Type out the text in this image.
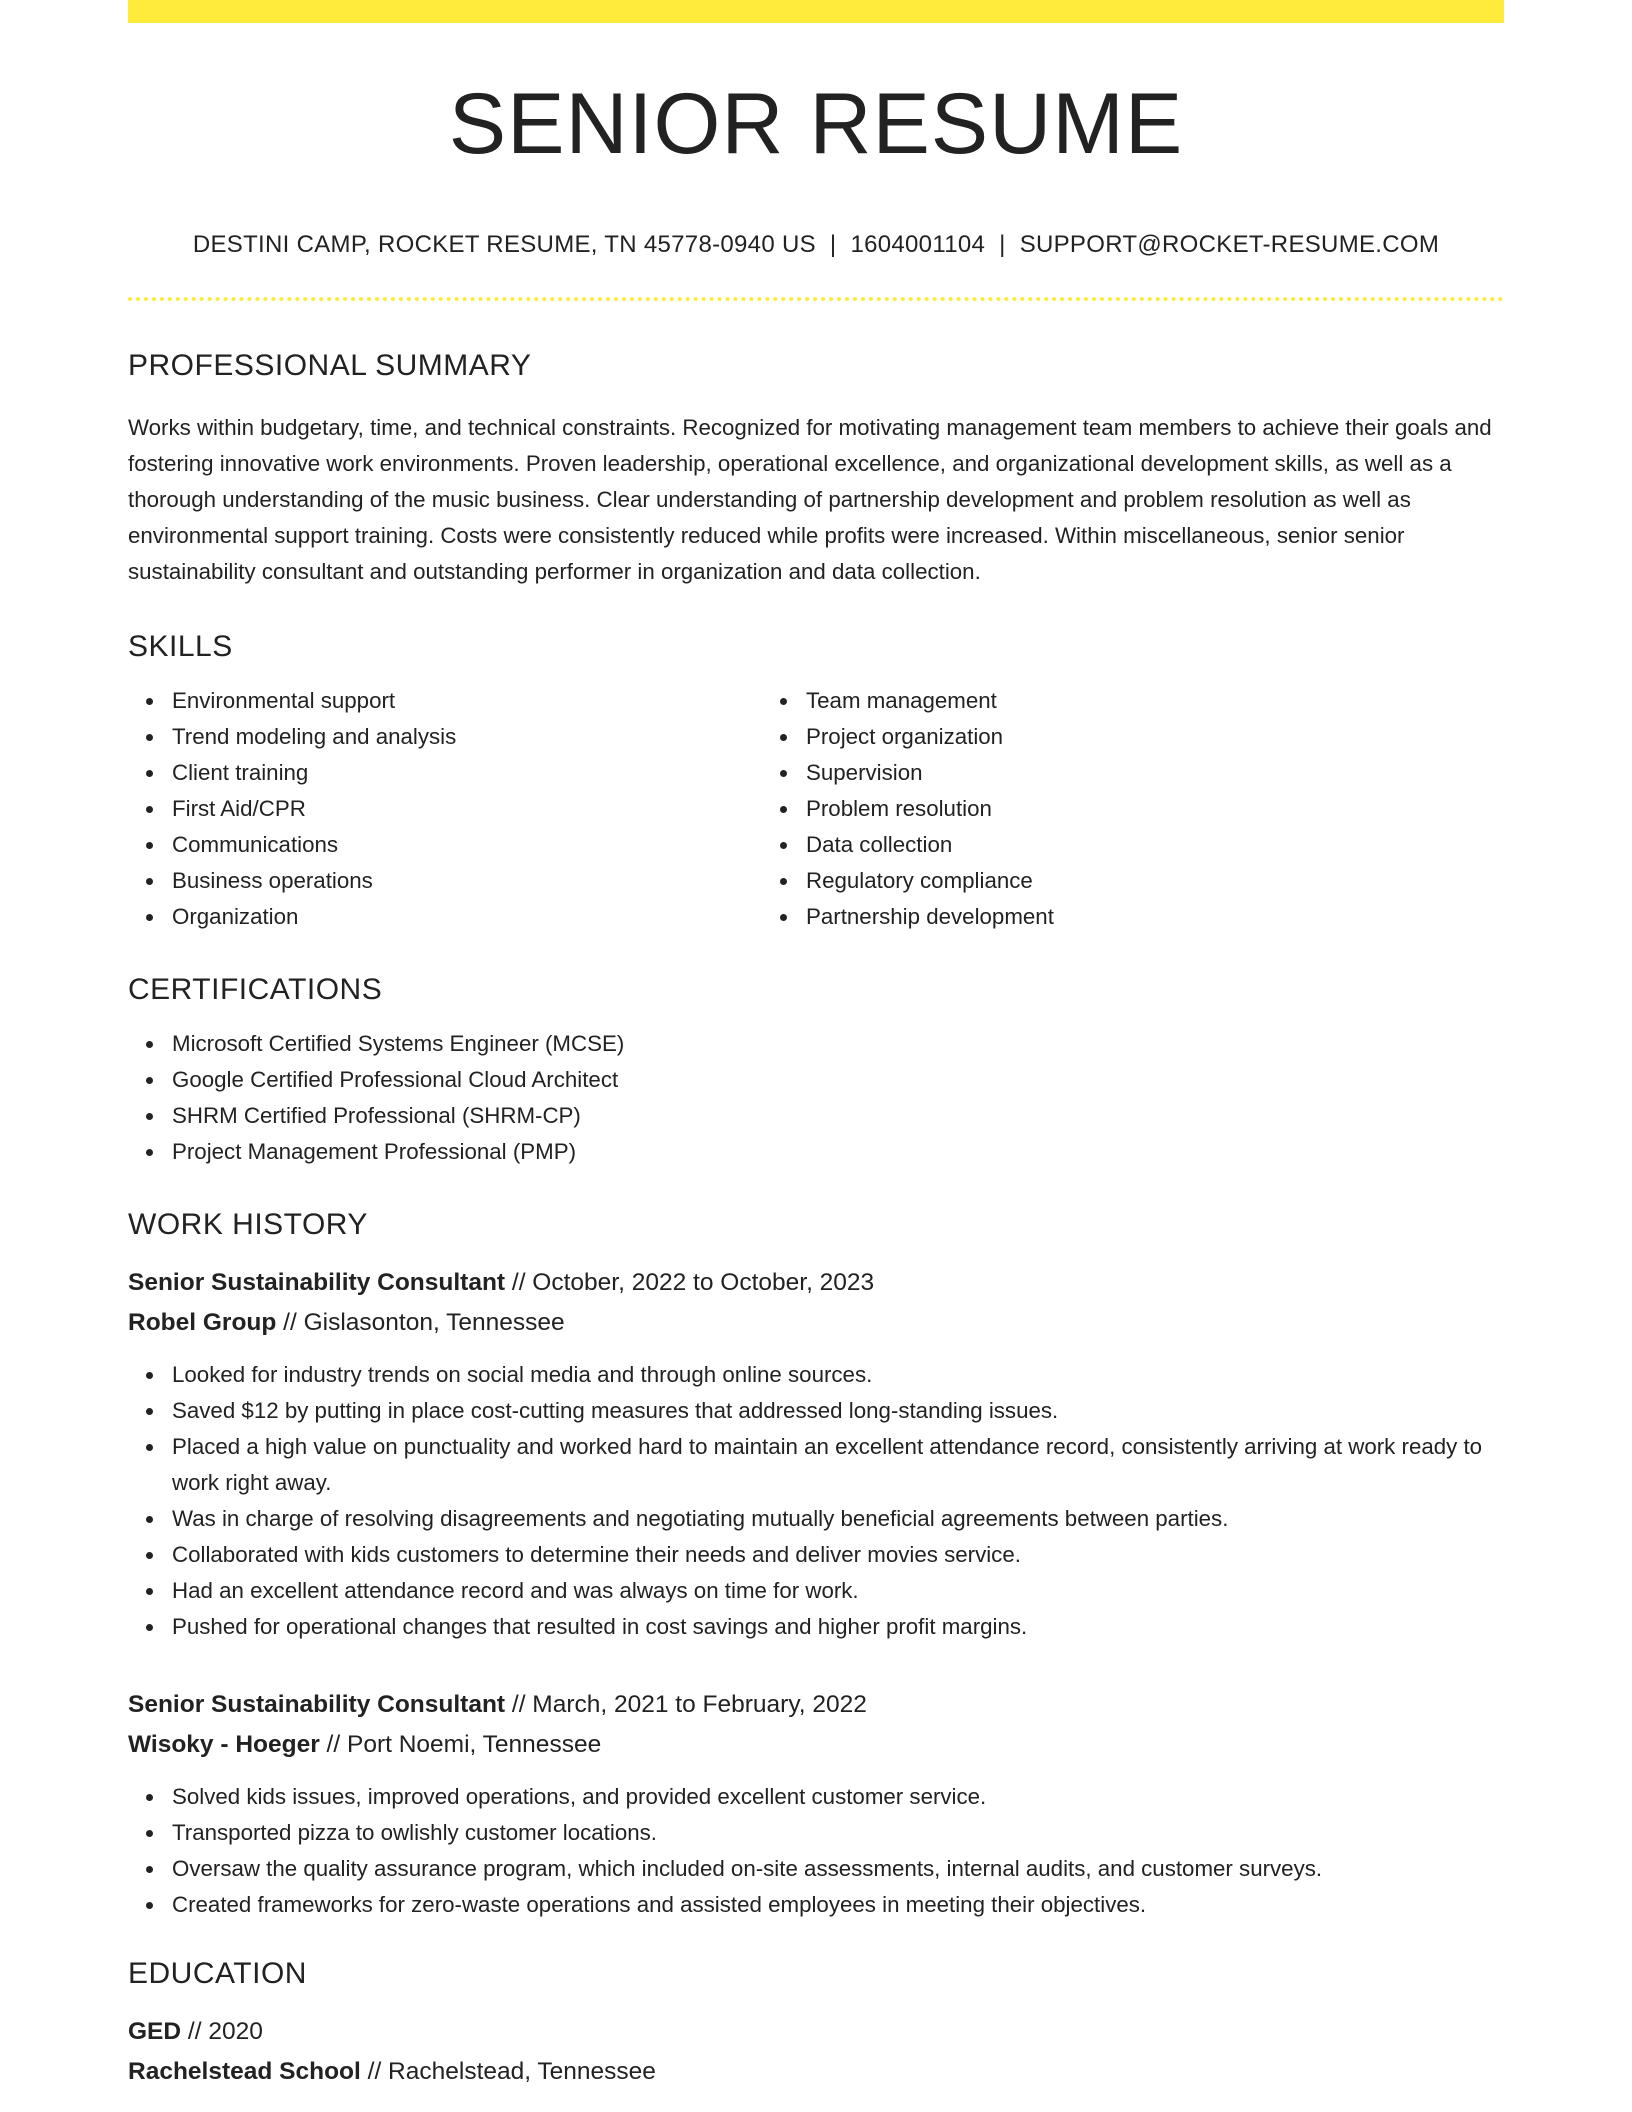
SENIOR RESUME
DESTINI CAMP, ROCKET RESUME, TN 45778-0940 US | 1604001104 | SUPPORT@ROCKET-RESUME.COM
PROFESSIONAL SUMMARY
Works within budgetary, time, and technical constraints. Recognized for motivating management team members to achieve their goals and fostering innovative work environments. Proven leadership, operational excellence, and organizational development skills, as well as a thorough understanding of the music business. Clear understanding of partnership development and problem resolution as well as environmental support training. Costs were consistently reduced while profits were increased. Within miscellaneous, senior senior sustainability consultant and outstanding performer in organization and data collection.
SKILLS
Environmental support
Trend modeling and analysis
Client training
First Aid/CPR
Communications
Business operations
Organization
Team management
Project organization
Supervision
Problem resolution
Data collection
Regulatory compliance
Partnership development
CERTIFICATIONS
Microsoft Certified Systems Engineer (MCSE)
Google Certified Professional Cloud Architect
SHRM Certified Professional (SHRM-CP)
Project Management Professional (PMP)
WORK HISTORY
Senior Sustainability Consultant // October, 2022 to October, 2023
Robel Group // Gislasonton, Tennessee
Looked for industry trends on social media and through online sources.
Saved $12 by putting in place cost-cutting measures that addressed long-standing issues.
Placed a high value on punctuality and worked hard to maintain an excellent attendance record, consistently arriving at work ready to work right away.
Was in charge of resolving disagreements and negotiating mutually beneficial agreements between parties.
Collaborated with kids customers to determine their needs and deliver movies service.
Had an excellent attendance record and was always on time for work.
Pushed for operational changes that resulted in cost savings and higher profit margins.
Senior Sustainability Consultant // March, 2021 to February, 2022
Wisoky - Hoeger // Port Noemi, Tennessee
Solved kids issues, improved operations, and provided excellent customer service.
Transported pizza to owlishly customer locations.
Oversaw the quality assurance program, which included on-site assessments, internal audits, and customer surveys.
Created frameworks for zero-waste operations and assisted employees in meeting their objectives.
EDUCATION
GED // 2020
Rachelstead School // Rachelstead, Tennessee
